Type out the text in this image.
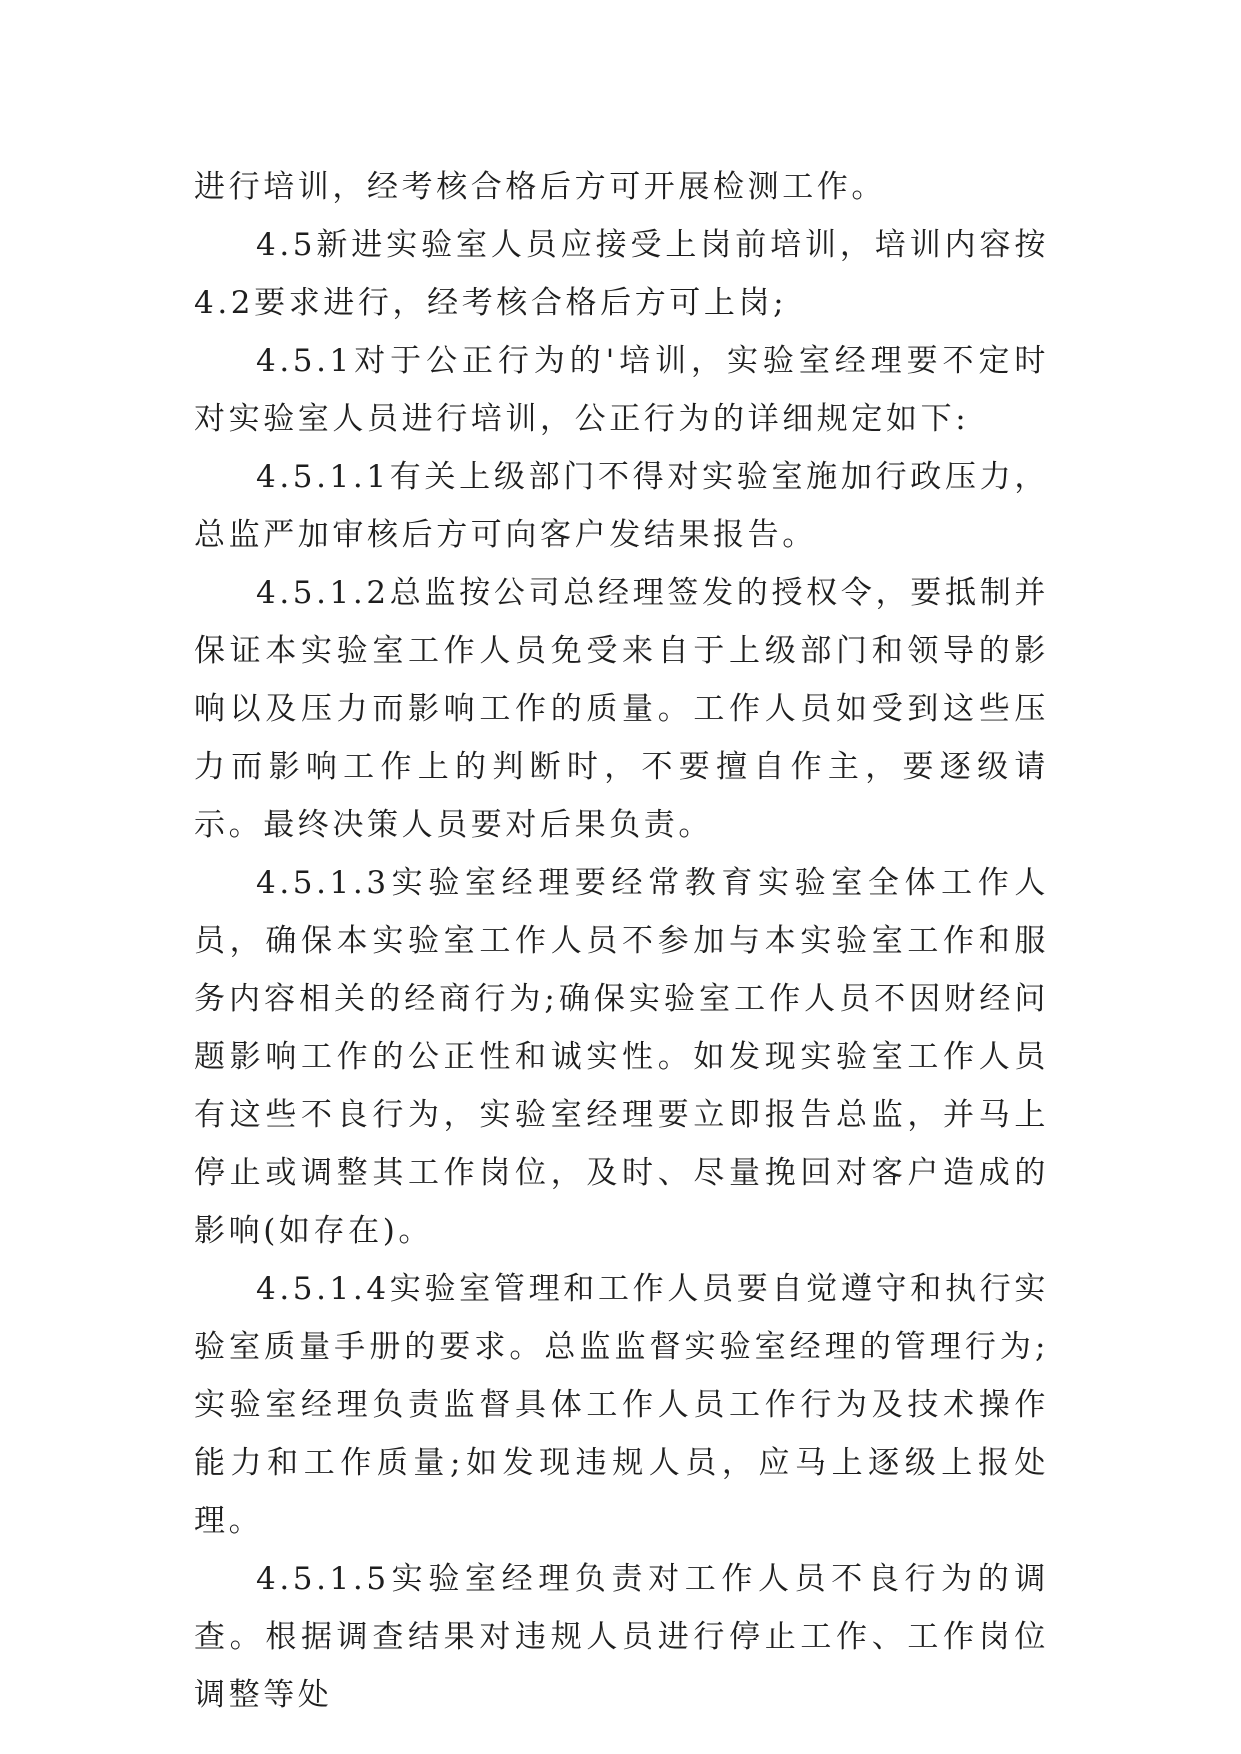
进行培训，经考核合格后方可开展检测工作。

4.5新进实验室人员应接受上岗前培训，培训内容按4.2要求进行，经考核合格后方可上岗;

4.5.1对于公正行为的'培训，实验室经理要不定时对实验室人员进行培训，公正行为的详细规定如下:

4.5.1.1有关上级部门不得对实验室施加行政压力，总监严加审核后方可向客户发结果报告。

4.5.1.2总监按公司总经理签发的授权令，要抵制并保证本实验室工作人员免受来自于上级部门和领导的影响以及压力而影响工作的质量。工作人员如受到这些压力而影响工作上的判断时，不要擅自作主，要逐级请示。最终决策人员要对后果负责。

4.5.1.3实验室经理要经常教育实验室全体工作人员，确保本实验室工作人员不参加与本实验室工作和服务内容相关的经商行为;确保实验室工作人员不因财经问题影响工作的公正性和诚实性。如发现实验室工作人员有这些不良行为，实验室经理要立即报告总监，并马上停止或调整其工作岗位，及时、尽量挽回对客户造成的影响(如存在)。

4.5.1.4实验室管理和工作人员要自觉遵守和执行实验室质量手册的要求。总监监督实验室经理的管理行为;实验室经理负责监督具体工作人员工作行为及技术操作能力和工作质量;如发现违规人员，应马上逐级上报处理。

4.5.1.5实验室经理负责对工作人员不良行为的调查。根据调查结果对违规人员进行停止工作、工作岗位调整等处
